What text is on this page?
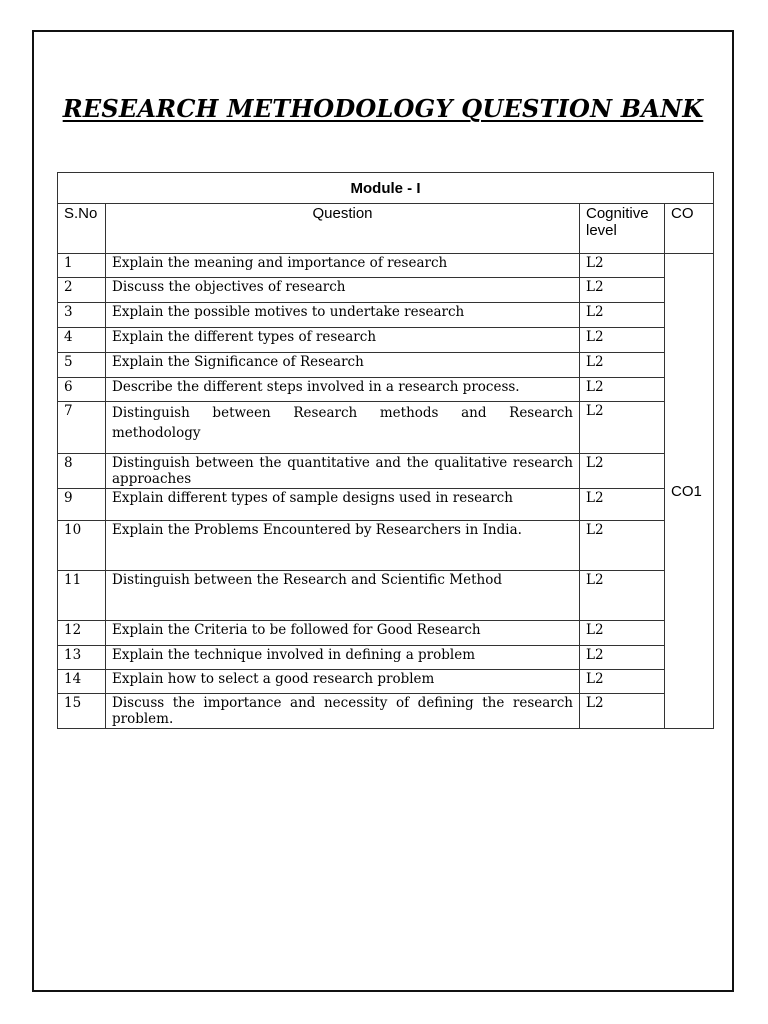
RESEARCH METHODOLOGY QUESTION BANK
Module - I			
S.No	Question	Cognitive level	CO
1	Explain the meaning and importance of research	L2	CO1
2	Discuss the objectives of research	L2	
3	Explain the possible motives to undertake research	L2	
4	Explain the different types of research	L2	
5	Explain the Significance of Research	L2	
6	Describe the different steps involved in a research process.	L2	
7	Distinguish between Research methods and Research methodology	L2	
8	Distinguish between the quantitative and the qualitative research approaches	L2	
9	Explain different types of sample designs used in research	L2	
10	Explain the Problems Encountered by Researchers in India.	L2	
11	Distinguish between the Research and Scientific Method	L2	
12	Explain the Criteria to be followed for Good Research	L2	
13	Explain the technique involved in defining a problem	L2	
14	Explain how to select a good research problem	L2	
15	Discuss the importance and necessity of defining the research problem.	L2	
